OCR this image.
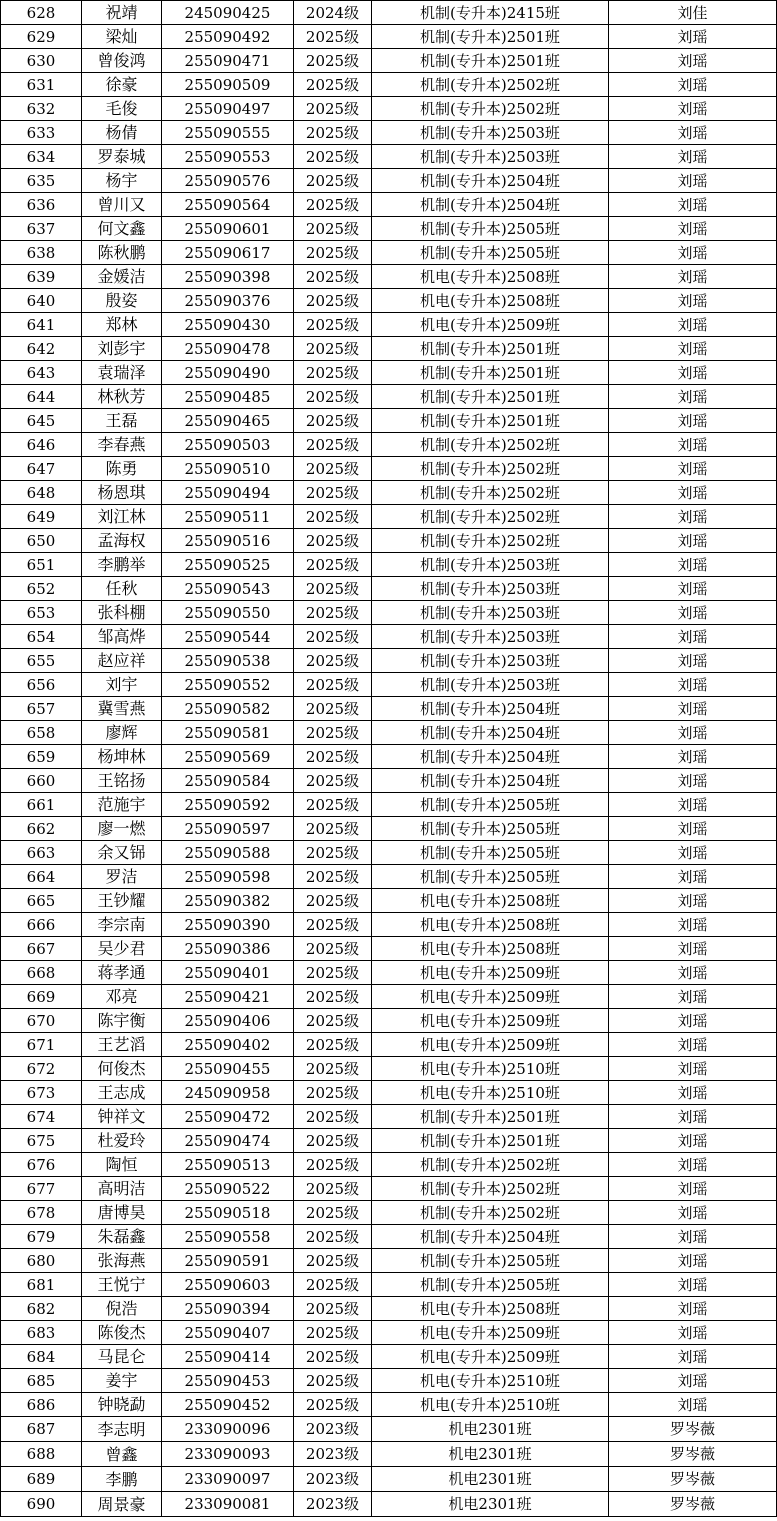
628	祝靖	245090425	2024级	机制(专升本)2415班	刘佳
629	梁灿	255090492	2025级	机制(专升本)2501班	刘瑶
630	曾俊鸿	255090471	2025级	机制(专升本)2501班	刘瑶
631	徐豪	255090509	2025级	机制(专升本)2502班	刘瑶
632	毛俊	255090497	2025级	机制(专升本)2502班	刘瑶
633	杨倩	255090555	2025级	机制(专升本)2503班	刘瑶
634	罗泰城	255090553	2025级	机制(专升本)2503班	刘瑶
635	杨宇	255090576	2025级	机制(专升本)2504班	刘瑶
636	曾川又	255090564	2025级	机制(专升本)2504班	刘瑶
637	何文鑫	255090601	2025级	机制(专升本)2505班	刘瑶
638	陈秋鹏	255090617	2025级	机制(专升本)2505班	刘瑶
639	金媛洁	255090398	2025级	机电(专升本)2508班	刘瑶
640	殷姿	255090376	2025级	机电(专升本)2508班	刘瑶
641	郑林	255090430	2025级	机电(专升本)2509班	刘瑶
642	刘彭宇	255090478	2025级	机制(专升本)2501班	刘瑶
643	袁瑞泽	255090490	2025级	机制(专升本)2501班	刘瑶
644	林秋芳	255090485	2025级	机制(专升本)2501班	刘瑶
645	王磊	255090465	2025级	机制(专升本)2501班	刘瑶
646	李春燕	255090503	2025级	机制(专升本)2502班	刘瑶
647	陈勇	255090510	2025级	机制(专升本)2502班	刘瑶
648	杨恩琪	255090494	2025级	机制(专升本)2502班	刘瑶
649	刘江林	255090511	2025级	机制(专升本)2502班	刘瑶
650	孟海权	255090516	2025级	机制(专升本)2502班	刘瑶
651	李鹏举	255090525	2025级	机制(专升本)2503班	刘瑶
652	任秋	255090543	2025级	机制(专升本)2503班	刘瑶
653	张科棚	255090550	2025级	机制(专升本)2503班	刘瑶
654	邹高烨	255090544	2025级	机制(专升本)2503班	刘瑶
655	赵应祥	255090538	2025级	机制(专升本)2503班	刘瑶
656	刘宇	255090552	2025级	机制(专升本)2503班	刘瑶
657	冀雪燕	255090582	2025级	机制(专升本)2504班	刘瑶
658	廖辉	255090581	2025级	机制(专升本)2504班	刘瑶
659	杨坤林	255090569	2025级	机制(专升本)2504班	刘瑶
660	王铭扬	255090584	2025级	机制(专升本)2504班	刘瑶
661	范施宇	255090592	2025级	机制(专升本)2505班	刘瑶
662	廖一燃	255090597	2025级	机制(专升本)2505班	刘瑶
663	余又铞	255090588	2025级	机制(专升本)2505班	刘瑶
664	罗洁	255090598	2025级	机制(专升本)2505班	刘瑶
665	王钞耀	255090382	2025级	机电(专升本)2508班	刘瑶
666	李宗南	255090390	2025级	机电(专升本)2508班	刘瑶
667	吴少君	255090386	2025级	机电(专升本)2508班	刘瑶
668	蒋孝通	255090401	2025级	机电(专升本)2509班	刘瑶
669	邓亮	255090421	2025级	机电(专升本)2509班	刘瑶
670	陈宇衡	255090406	2025级	机电(专升本)2509班	刘瑶
671	王艺滔	255090402	2025级	机电(专升本)2509班	刘瑶
672	何俊杰	255090455	2025级	机电(专升本)2510班	刘瑶
673	王志成	245090958	2025级	机电(专升本)2510班	刘瑶
674	钟祥文	255090472	2025级	机制(专升本)2501班	刘瑶
675	杜爱玲	255090474	2025级	机制(专升本)2501班	刘瑶
676	陶恒	255090513	2025级	机制(专升本)2502班	刘瑶
677	高明洁	255090522	2025级	机制(专升本)2502班	刘瑶
678	唐博昊	255090518	2025级	机制(专升本)2502班	刘瑶
679	朱磊鑫	255090558	2025级	机制(专升本)2504班	刘瑶
680	张海燕	255090591	2025级	机制(专升本)2505班	刘瑶
681	王悦宁	255090603	2025级	机制(专升本)2505班	刘瑶
682	倪浩	255090394	2025级	机电(专升本)2508班	刘瑶
683	陈俊杰	255090407	2025级	机电(专升本)2509班	刘瑶
684	马昆仑	255090414	2025级	机电(专升本)2509班	刘瑶
685	姜宇	255090453	2025级	机电(专升本)2510班	刘瑶
686	钟晓勐	255090452	2025级	机电(专升本)2510班	刘瑶
687	李志明	233090096	2023级	机电2301班	罗岑薇
688	曾鑫	233090093	2023级	机电2301班	罗岑薇
689	李鹏	233090097	2023级	机电2301班	罗岑薇
690	周景豪	233090081	2023级	机电2301班	罗岑薇
